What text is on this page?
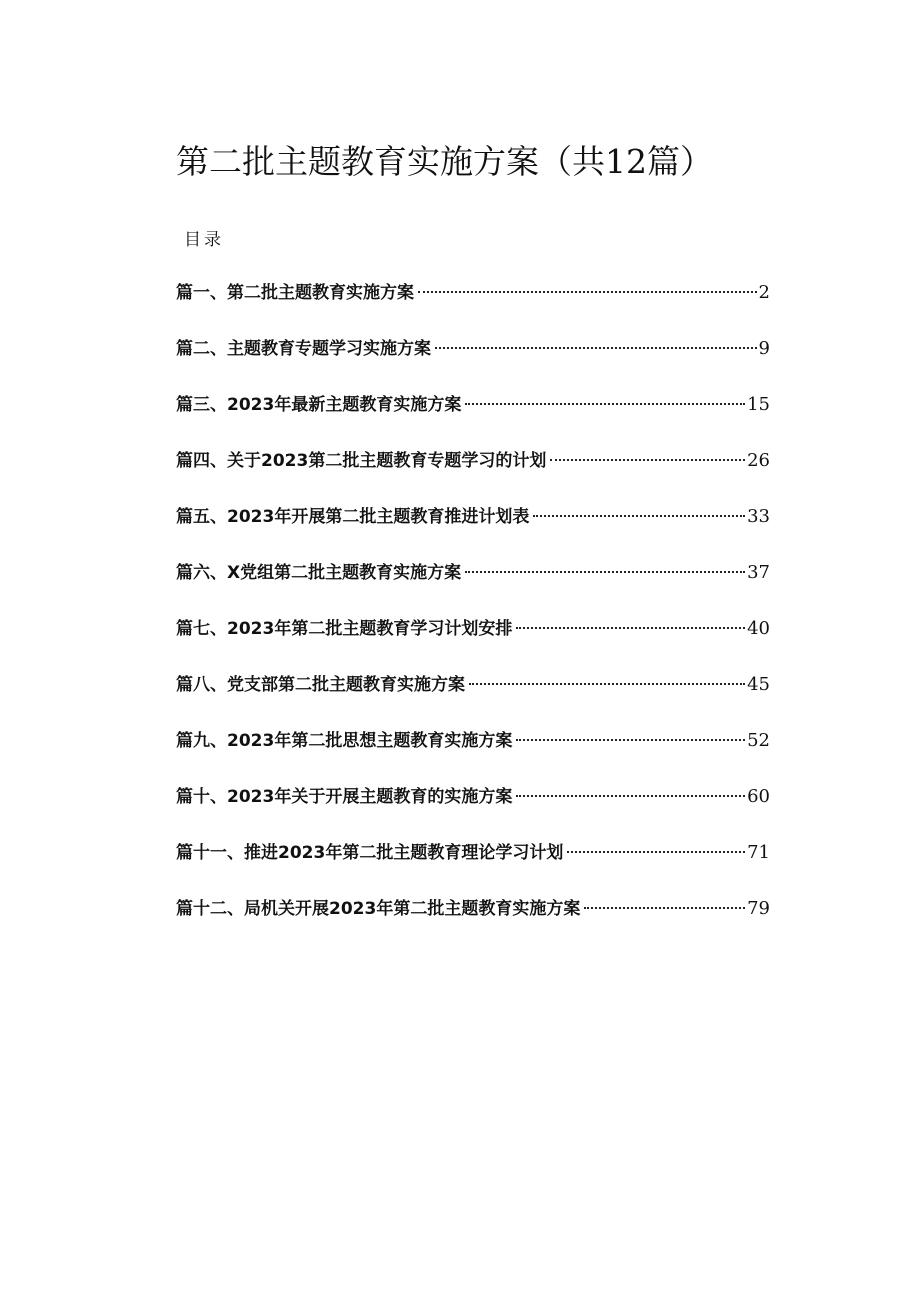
第二批主题教育实施方案（共12篇）
目录
篇一、第二批主题教育实施方案	2
篇二、主题教育专题学习实施方案	9
篇三、2023年最新主题教育实施方案	15
篇四、关于2023第二批主题教育专题学习的计划	26
篇五、2023年开展第二批主题教育推进计划表	33
篇六、X党组第二批主题教育实施方案	37
篇七、2023年第二批主题教育学习计划安排	40
篇八、党支部第二批主题教育实施方案	45
篇九、2023年第二批思想主题教育实施方案	52
篇十、2023年关于开展主题教育的实施方案	60
篇十一、推进2023年第二批主题教育理论学习计划	71
篇十二、局机关开展2023年第二批主题教育实施方案	79
